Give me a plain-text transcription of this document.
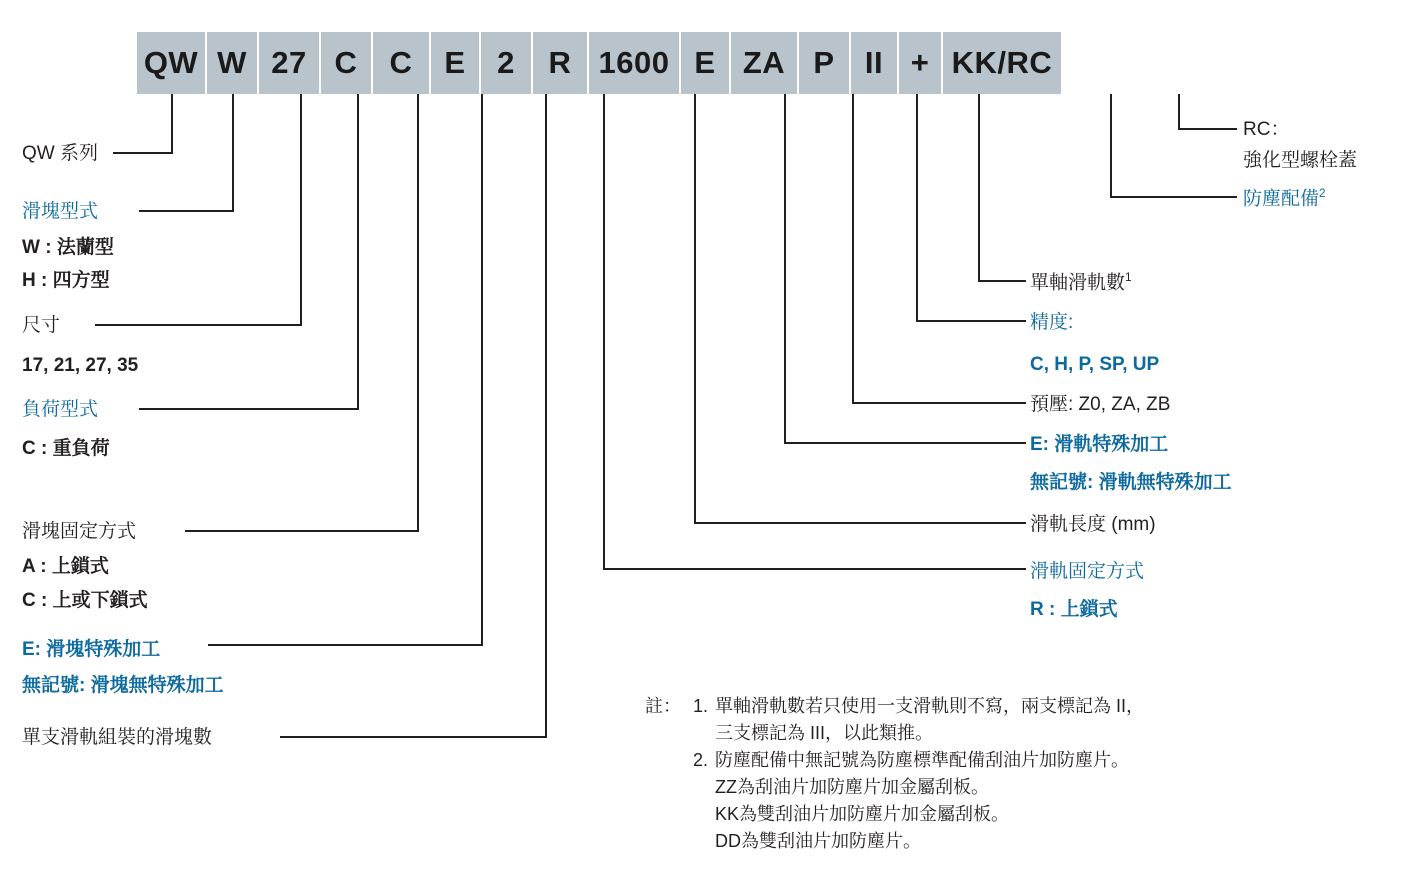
QW W 27 C	C	E	2	R 1600 E ZA P II + KK/RC
QW 系列
滑塊型式
W : 法蘭型
H : 四方型
尺寸
17, 21, 27, 35
負荷型式
C : 重負荷
滑塊固定方式
A : 上鎖式
C : 上或下鎖式
E: 滑塊特殊加工
無記號: 滑塊無特殊加工
單支滑軌組裝的滑塊數
RC：
強化型螺栓蓋
防塵配備$^2$
單軸滑軌數$^1$
精度:
C, H, P, SP, UP
預壓: Z0, ZA, ZB
E: 滑軌特殊加工
無記號: 滑軌無特殊加工
滑軌長度 (mm)
滑軌固定方式
R : 上鎖式
註： 1. 單軸滑軌數若只使用一支滑軌則不寫，兩支標記為 II，
三支標記為 III，以此類推。
2. 防塵配備中無記號為防塵標準配備刮油片加防塵片。
ZZ為刮油片加防塵片加金屬刮板。
KK為雙刮油片加防塵片加金屬刮板。
DD為雙刮油片加防塵片。
